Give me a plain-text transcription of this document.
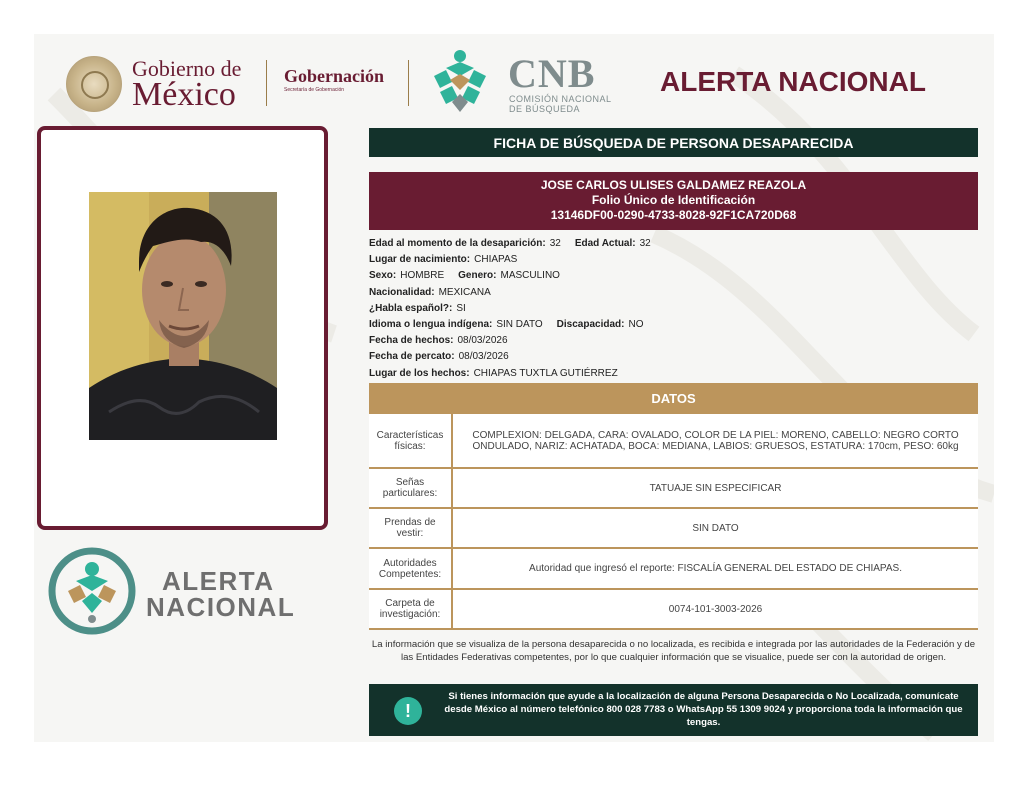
Gobierno de
México	Gobernación
Secretaría de Gobernación	CNB
COMISIÓN NACIONAL
DE BÚSQUEDA
ALERTA NACIONAL
ALERTA
NACIONAL
FICHA DE BÚSQUEDA DE PERSONA DESAPARECIDA
JOSE CARLOS ULISES GALDAMEZ REAZOLA
Folio Único de Identificación
13146DF00-0290-4733-8028-92F1CA720D68
Edad al momento de la desaparición: 32 Edad Actual: 32
Lugar de nacimiento: CHIAPAS
Sexo: HOMBRE Genero: MASCULINO
Nacionalidad: MEXICANA
¿Habla español?: SI
Idioma o lengua indígena: SIN DATO Discapacidad: NO
Fecha de hechos: 08/03/2026
Fecha de percato: 08/03/2026
Lugar de los hechos: CHIAPAS TUXTLA GUTIÉRREZ
DATOS
Características físicas:	COMPLEXION: DELGADA, CARA: OVALADO, COLOR DE LA PIEL: MORENO, CABELLO: NEGRO CORTO ONDULADO, NARIZ: ACHATADA, BOCA: MEDIANA, LABIOS: GRUESOS, ESTATURA: 170cm, PESO: 60kg
Señas particulares:	TATUAJE SIN ESPECIFICAR
Prendas de vestir:	SIN DATO
Autoridades Competentes:	Autoridad que ingresó el reporte: FISCALÍA GENERAL DEL ESTADO DE CHIAPAS.
Carpeta de investigación:	0074-101-3003-2026
La información que se visualiza de la persona desaparecida o no localizada, es recibida e integrada por las autoridades de la Federación y de las Entidades Federativas competentes, por lo que cualquier información que se visualice, puede ser con la autoridad de origen.
Si tienes información que ayude a la localización de alguna Persona Desaparecida o No Localizada, comunícate desde México al número telefónico 800 028 7783 o WhatsApp 55 1309 9024 y proporciona toda la información que tengas.
!
